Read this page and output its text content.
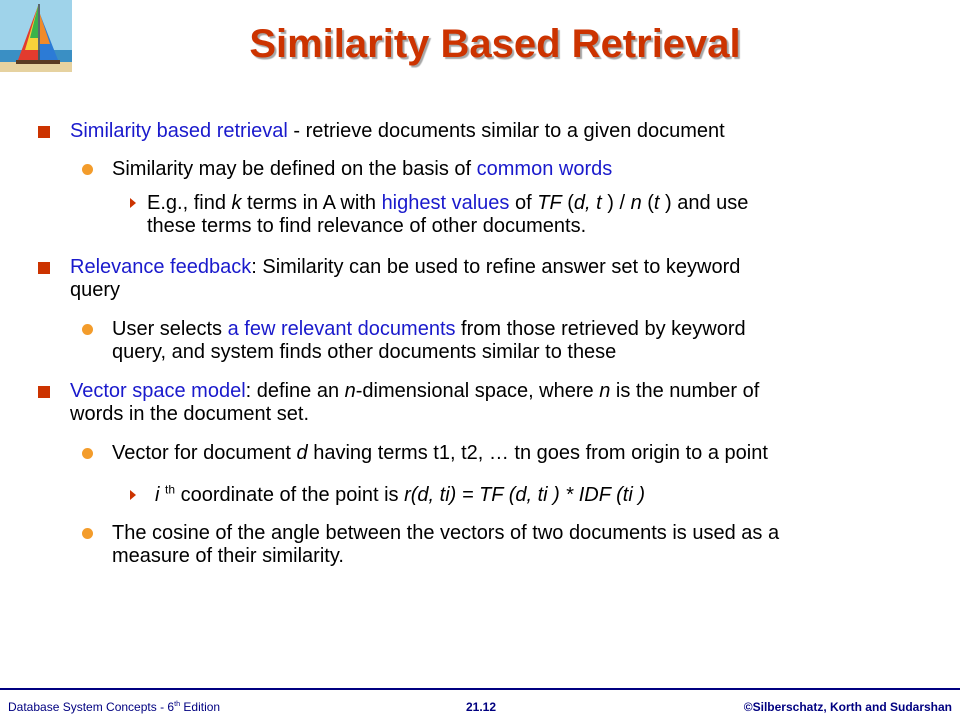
Similarity Based Retrieval
Similarity based retrieval - retrieve documents similar to a given document
Similarity may be defined on the basis of common words
E.g., find k terms in A with highest values of TF (d, t ) / n (t ) and use
these terms to find relevance of other documents.
Relevance feedback: Similarity can be used to refine answer set to keyword
query
User selects a few relevant documents from those retrieved by keyword
query, and system finds other documents similar to these
Vector space model: define an n-dimensional space, where n is the number of
words in the document set.
Vector for document d having terms t1, t2, … tn goes from origin to a point
i $^{th}$ coordinate of the point is r(d, ti) = TF (d, ti ) * IDF (ti )
The cosine of the angle between the vectors of two documents is used as a
measure of their similarity.
Database System Concepts - 6th Edition	21.12	©Silberschatz, Korth and Sudarshan
